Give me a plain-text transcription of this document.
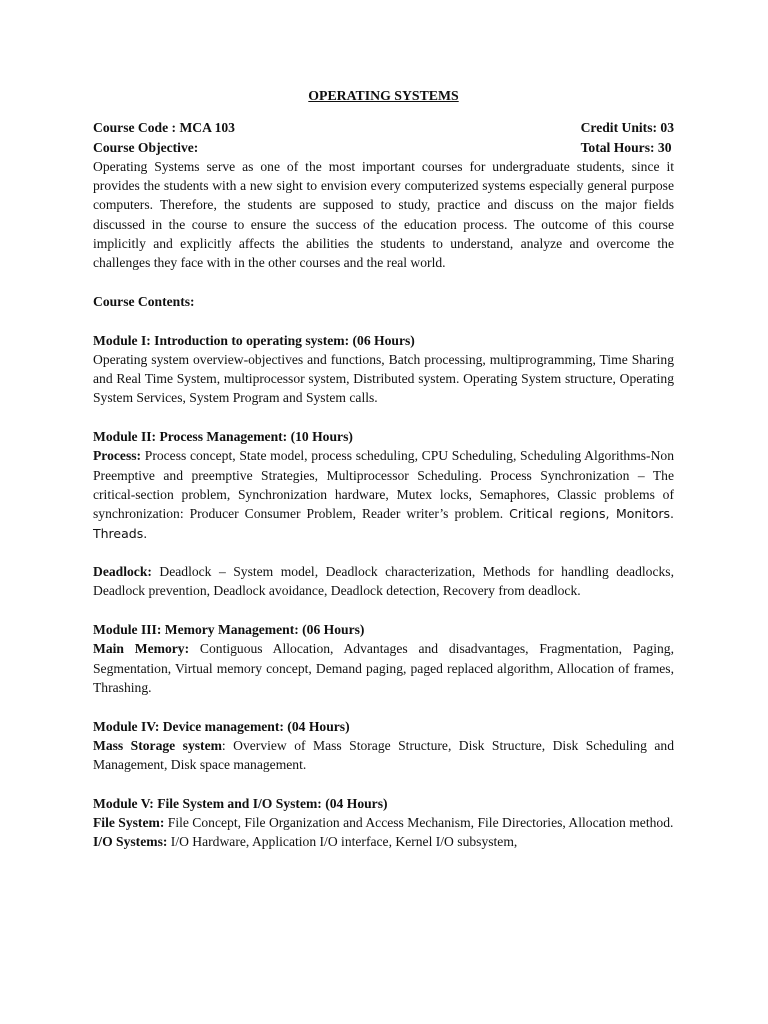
OPERATING SYSTEMS
Course Code : MCA 103	Credit Units: 03
Total Hours: 30
Course Objective:

Operating Systems serve as one of the most important courses for undergraduate students, since it provides the students with a new sight to envision every computerized systems especially general purpose computers. Therefore, the students are supposed to study, practice and discuss on the major fields discussed in the course to ensure the success of the education process. The outcome of this course implicitly and explicitly affects the abilities the students to understand, analyze and overcome the challenges they face with in the other courses and the real world.

Course Contents:
Module I: Introduction to operating system: (06 Hours)

Operating system overview-objectives and functions, Batch processing, multiprogramming, Time Sharing and Real Time System, multiprocessor system, Distributed system. Operating System structure, Operating System Services, System Program and System calls.

Module II: Process Management: (10 Hours)

Process: Process concept, State model, process scheduling, CPU Scheduling, Scheduling Algorithms-Non Preemptive and preemptive Strategies, Multiprocessor Scheduling. Process Synchronization – The critical-section problem, Synchronization hardware, Mutex locks, Semaphores, Classic problems of synchronization: Producer Consumer Problem, Reader writer’s problem. Critical regions, Monitors. Threads.

Deadlock: Deadlock – System model, Deadlock characterization, Methods for handling deadlocks, Deadlock prevention, Deadlock avoidance, Deadlock detection, Recovery from deadlock.

Module III: Memory Management: (06 Hours)

Main Memory: Contiguous Allocation, Advantages and disadvantages, Fragmentation, Paging, Segmentation, Virtual memory concept, Demand paging, paged replaced algorithm, Allocation of frames, Thrashing.

Module IV: Device management: (04 Hours)

Mass Storage system: Overview of Mass Storage Structure, Disk Structure, Disk Scheduling and Management, Disk space management.

Module V: File System and I/O System: (04 Hours)

File System: File Concept, File Organization and Access Mechanism, File Directories, Allocation method.

I/O Systems: I/O Hardware, Application I/O interface, Kernel I/O subsystem,
